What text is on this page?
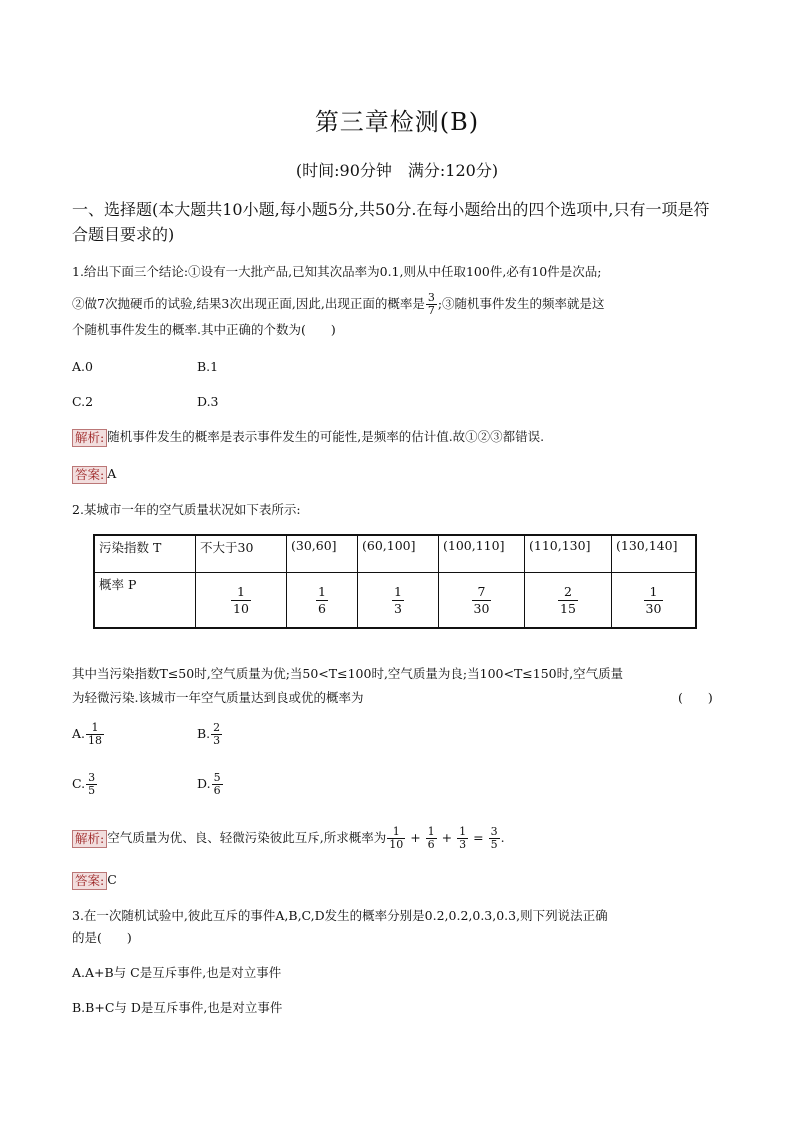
第三章检测(B)
(时间:90分钟　满分:120分)
一、选择题(本大题共10小题,每小题5分,共50分.在每小题给出的四个选项中,只有一项是符合题目要求的)
1.给出下面三个结论:①设有一大批产品,已知其次品率为0.1,则从中任取100件,必有10件是次品;
②做7次抛硬币的试验,结果3次出现正面,因此,出现正面的概率是 $\frac{3}{7}$ ;③随机事件发生的频率就是这
个随机事件发生的概率.其中正确的个数为(　　)
A.0	B.1
C.2	D.3
解析: 随机事件发生的概率是表示事件发生的可能性,是频率的估计值.故①②③都错误.
答案: A
2.某城市一年的空气质量状况如下表所示:
污染指数 T	不大于30	(30,60]	(60,100]	(100,110]	(110,130]	(130,140]
概率 P	$\frac{1}{10}$	$\frac{1}{6}$	$\frac{1}{3}$	$\frac{7}{30}$	$\frac{2}{15}$	$\frac{1}{30}$
其中当污染指数T≤50时,空气质量为优;当50<T≤100时,空气质量为良;当100<T≤150时,空气质量
为轻微污染.该城市一年空气质量达到良或优的概率为	(　　)
A. $\frac{1}{18}$	B. $\frac{2}{3}$
C. $\frac{3}{5}$	D. $\frac{5}{6}$
解析: 空气质量为优、良、轻微污染彼此互斥,所求概率为 $\frac{1}{10} + \frac{1}{6} + \frac{1}{3} = \frac{3}{5}$ .
答案: C
3.在一次随机试验中,彼此互斥的事件A,B,C,D发生的概率分别是0.2,0.2,0.3,0.3,则下列说法正确
的是(　　)
A.A+B与 C是互斥事件,也是对立事件
B.B+C与 D是互斥事件,也是对立事件
